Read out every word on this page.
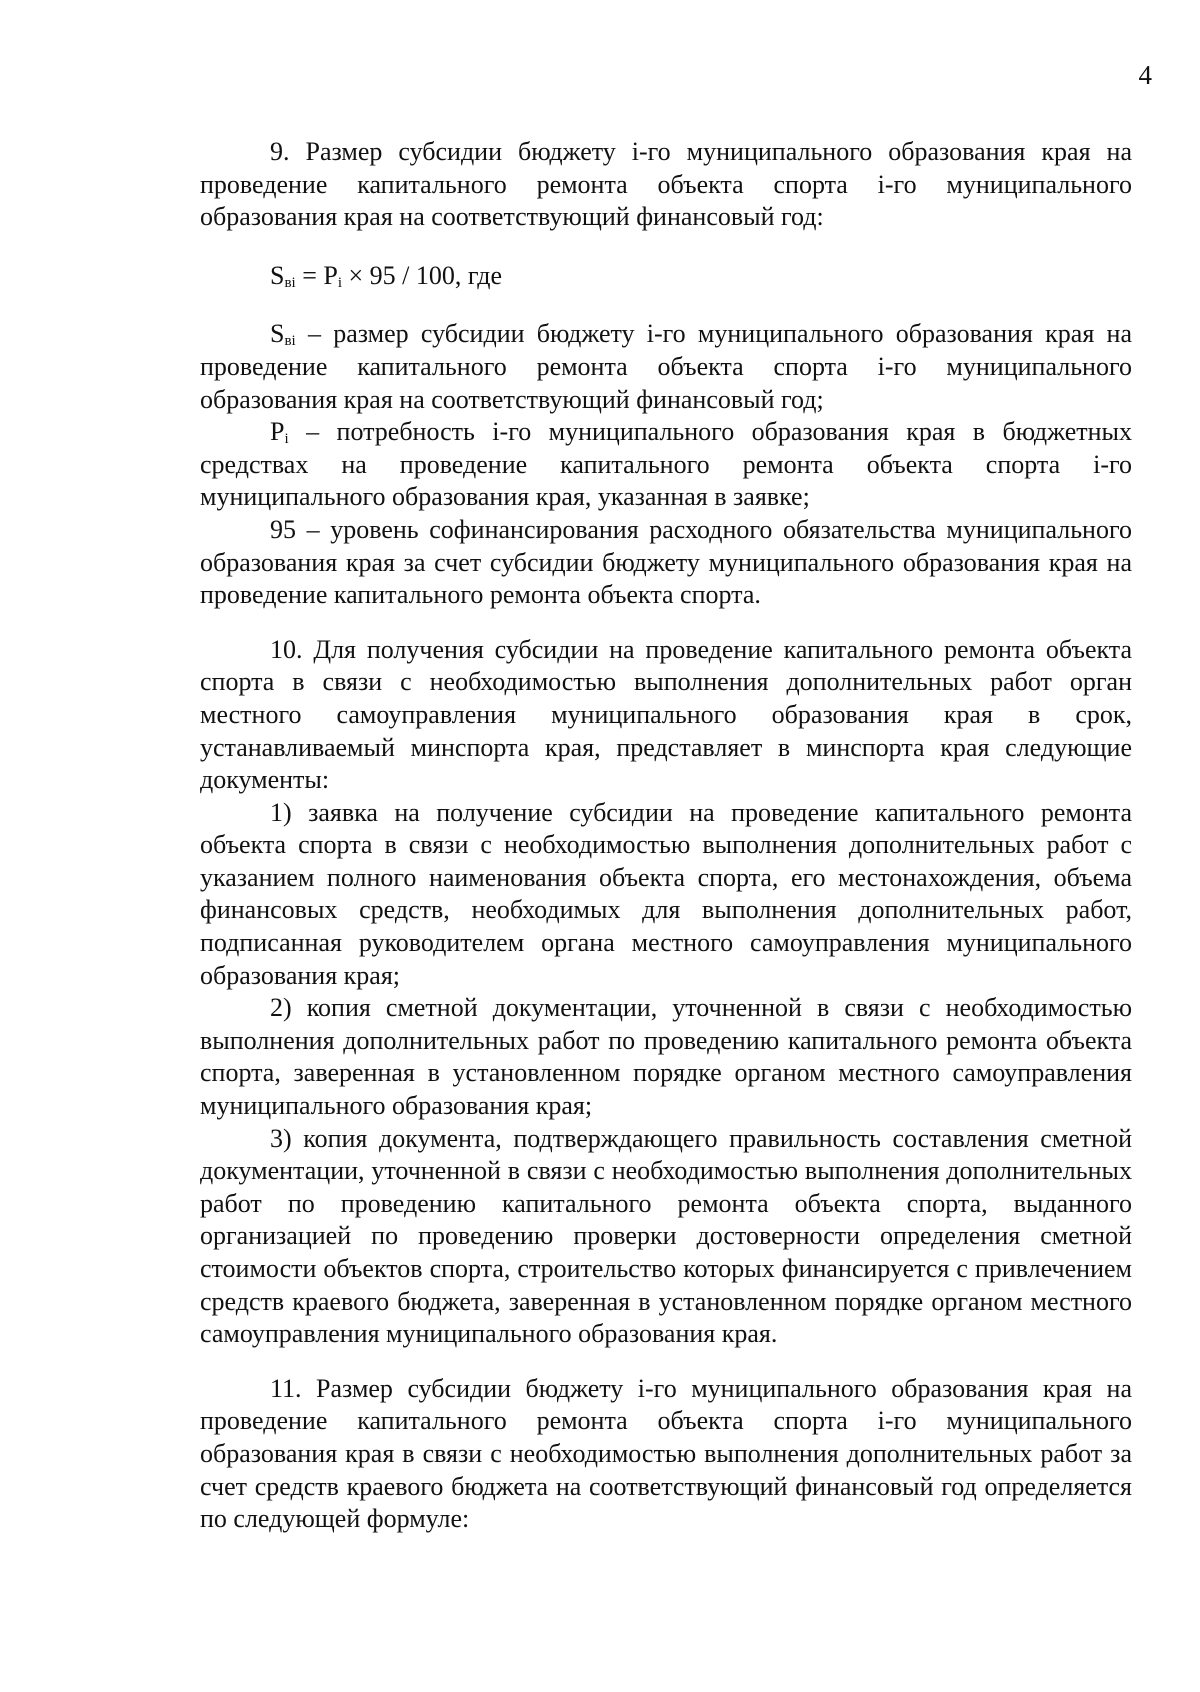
4

9. Размер субсидии бюджету i-го муниципального образования края на проведение капитального ремонта объекта спорта i-го муниципального образования края на соответствующий финансовый год:

$S_{вi} = P_i \times 95 / 100$, где

$S_{вi}$ – размер субсидии бюджету i-го муниципального образования края на проведение капитального ремонта объекта спорта i-го муниципального образования края на соответствующий финансовый год;

$P_i$ – потребность i-го муниципального образования края в бюджетных средствах на проведение капитального ремонта объекта спорта i-го муниципального образования края, указанная в заявке;

95 – уровень софинансирования расходного обязательства муниципального образования края за счет субсидии бюджету муниципального образования края на проведение капитального ремонта объекта спорта.

10. Для получения субсидии на проведение капитального ремонта объекта спорта в связи с необходимостью выполнения дополнительных работ орган местного самоуправления муниципального образования края в срок, устанавливаемый минспорта края, представляет в минспорта края следующие документы:

1) заявка на получение субсидии на проведение капитального ремонта объекта спорта в связи с необходимостью выполнения дополнительных работ с указанием полного наименования объекта спорта, его местонахождения, объема финансовых средств, необходимых для выполнения дополнительных работ, подписанная руководителем органа местного самоуправления муниципального образования края;

2) копия сметной документации, уточненной в связи с необходимостью выполнения дополнительных работ по проведению капитального ремонта объекта спорта, заверенная в установленном порядке органом местного самоуправления муниципального образования края;

3) копия документа, подтверждающего правильность составления сметной документации, уточненной в связи с необходимостью выполнения дополнительных работ по проведению капитального ремонта объекта спорта, выданного организацией по проведению проверки достоверности определения сметной стоимости объектов спорта, строительство которых финансируется с привлечением средств краевого бюджета, заверенная в установленном порядке органом местного самоуправления муниципального образования края.

11. Размер субсидии бюджету i-го муниципального образования края на проведение капитального ремонта объекта спорта i-го муниципального образования края в связи с необходимостью выполнения дополнительных работ за счет средств краевого бюджета на соответствующий финансовый год определяется по следующей формуле:
